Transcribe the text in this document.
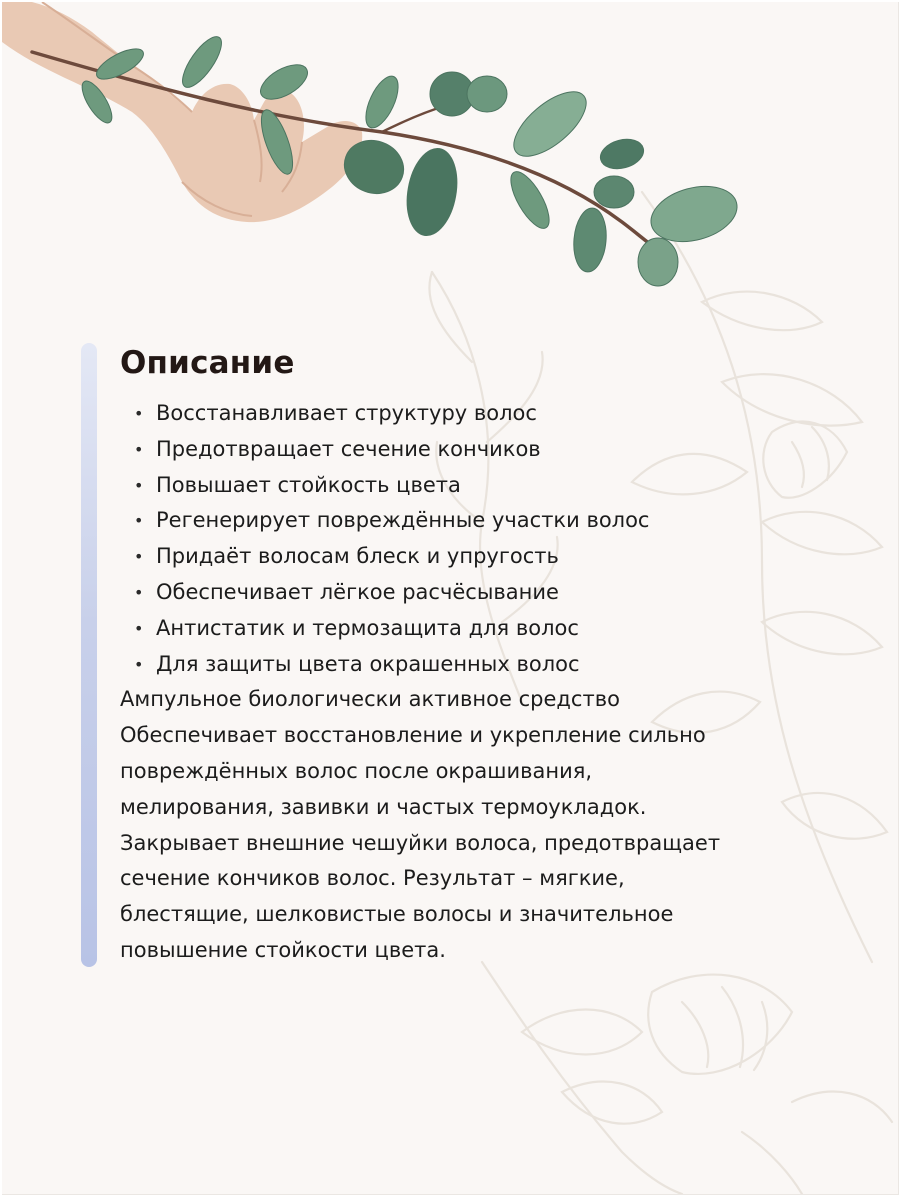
Описание
• Восстанавливает структуру волос
• Предотвращает сечение кончиков
• Повышает стойкость цвета
• Регенерирует повреждённые участки волос
• Придаёт волосам блеск и упругость
• Обеспечивает лёгкое расчёсывание
• Антистатик и термозащита для волос
• Для защиты цвета окрашенных волос

Ампульное биологически активное средство

Обеспечивает восстановление и укрепление сильно

повреждённых волос после окрашивания,

мелирования, завивки и частых термоукладок.

Закрывает внешние чешуйки волоса, предотвращает

сечение кончиков волос. Результат – мягкие,

блестящие, шелковистые волосы и значительное

повышение стойкости цвета.
